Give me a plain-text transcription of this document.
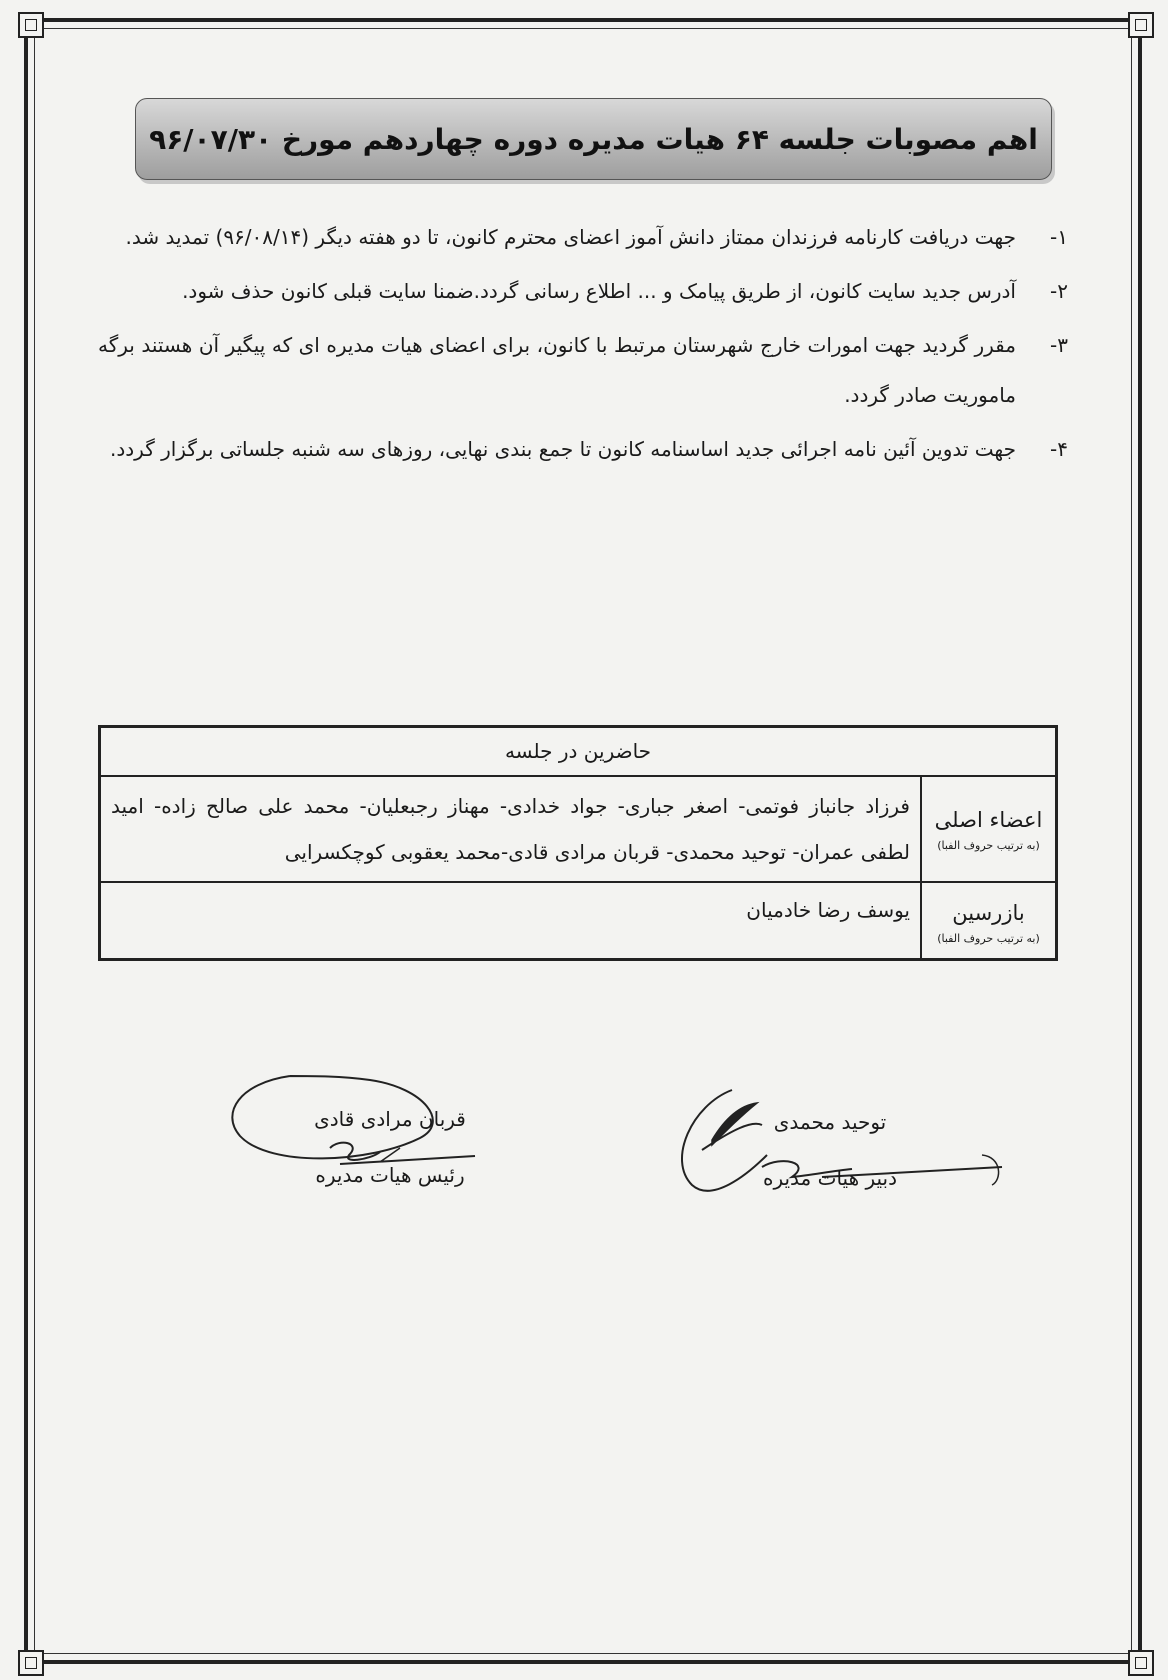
اهم مصوبات جلسه ۶۴ هیات مدیره دوره چهاردهم مورخ ۹۶/۰۷/۳۰
۱-
جهت دریافت کارنامه فرزندان ممتاز دانش آموز اعضای محترم کانون، تا دو هفته دیگر (۹۶/۰۸/۱۴) تمدید شد.
۲-
آدرس جدید سایت کانون، از طریق پیامک و ... اطلاع رسانی گردد.ضمنا سایت قبلی کانون حذف شود.
۳-
مقرر گردید جهت امورات خارج شهرستان مرتبط با کانون، برای اعضای هیات مدیره ای که پیگیر آن هستند برگه ماموریت صادر گردد.
۴-
جهت تدوین آئین نامه اجرائی جدید اساسنامه کانون تا جمع بندی نهایی، روزهای سه شنبه جلساتی برگزار گردد.
حاضرین در جلسه
اعضاء اصلی
(به ترتیب حروف الفبا)
فرزاد جانباز فوتمی- اصغر جباری- جواد خدادی- مهناز رجبعلیان- محمد علی صالح زاده- امید لطفی عمران- توحید محمدی- قربان مرادی قادی-محمد یعقوبی کوچکسرایی
بازرسین
(به ترتیب حروف الفبا)
یوسف رضا خادمیان
قربان مرادی قادی
رئیس هیات مدیره
توحید محمدی
دبیر هیات مدیره
